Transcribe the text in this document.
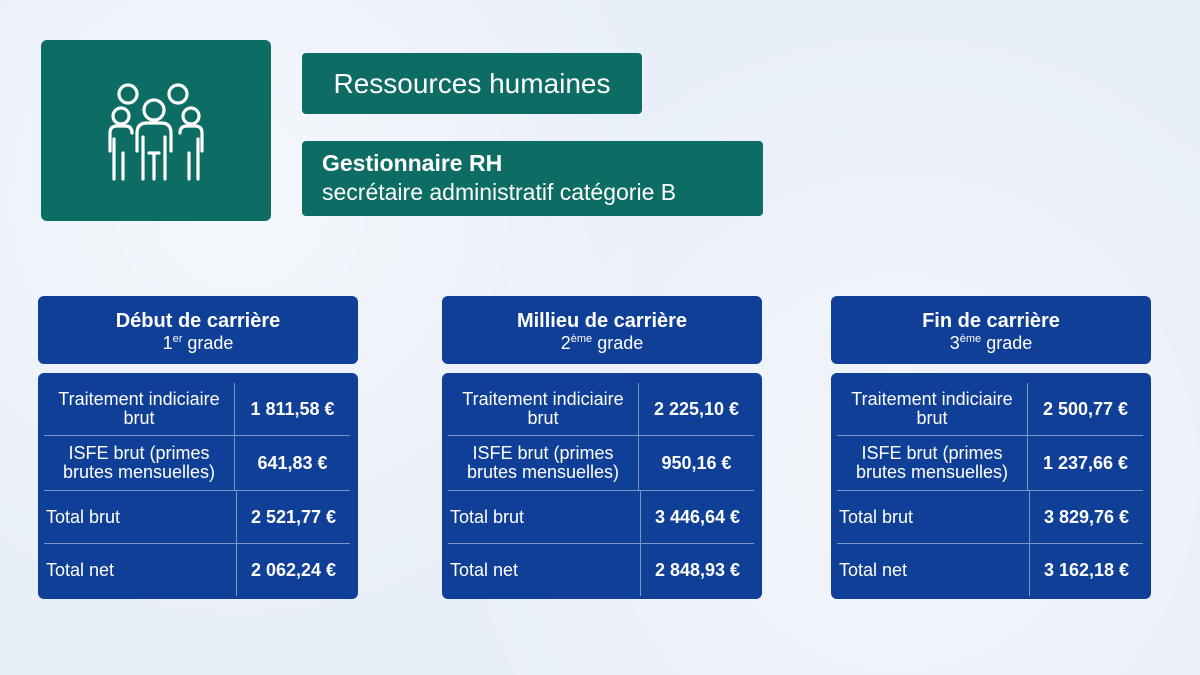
Ressources humaines
Gestionnaire RH
secrétaire administratif catégorie B
Début de carrière
1er grade
Traitement indiciaire brut	1 811,58 €
ISFE brut (primes brutes mensuelles)	641,83 €
Total brut	2 521,77 €
Total net	2 062,24 €
Millieu de carrière
2ème grade
Traitement indiciaire brut	2 225,10 €
ISFE brut (primes brutes mensuelles)	950,16 €
Total brut	3 446,64 €
Total net	2 848,93 €
Fin de carrière
3ème grade
Traitement indiciaire brut	2 500,77 €
ISFE brut (primes brutes mensuelles)	1 237,66 €
Total brut	3 829,76 €
Total net	3 162,18 €
